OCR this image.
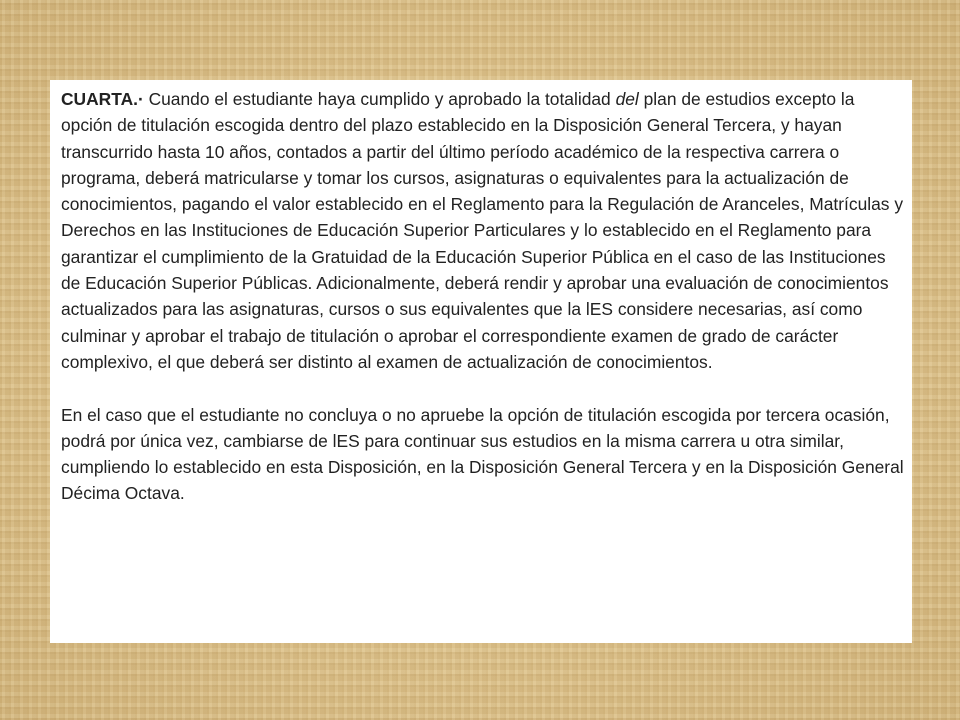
CUARTA.· Cuando el estudiante haya cumplido y aprobado la totalidad del plan de estudios excepto la opción de titulación escogida dentro del plazo establecido en la Disposición General Tercera, y hayan transcurrido hasta 10 años, contados a partir del último período académico de la respectiva carrera o programa, deberá matricularse y tomar los cursos, asignaturas o equivalentes para la actualización de conocimientos, pagando el valor establecido en el Reglamento para la Regulación de Aranceles, Matrículas y Derechos en las Instituciones de Educación Superior Particulares y lo establecido en el Reglamento para garantizar el cumplimiento de la Gratuidad de la Educación Superior Pública en el caso de las Instituciones de Educación Superior Públicas. Adicionalmente, deberá rendir y aprobar una evaluación de conocimientos actualizados para las asignaturas, cursos o sus equivalentes que la lES considere necesarias, así como culminar y aprobar el trabajo de titulación o aprobar el correspondiente examen de grado de carácter complexivo, el que deberá ser distinto al examen de actualización de conocimientos.

En el caso que el estudiante no concluya o no apruebe la opción de titulación escogida por tercera ocasión, podrá por única vez, cambiarse de lES para continuar sus estudios en la misma carrera u otra similar, cumpliendo lo establecido en esta Disposición, en la Disposición General Tercera y en la Disposición General Décima Octava.
